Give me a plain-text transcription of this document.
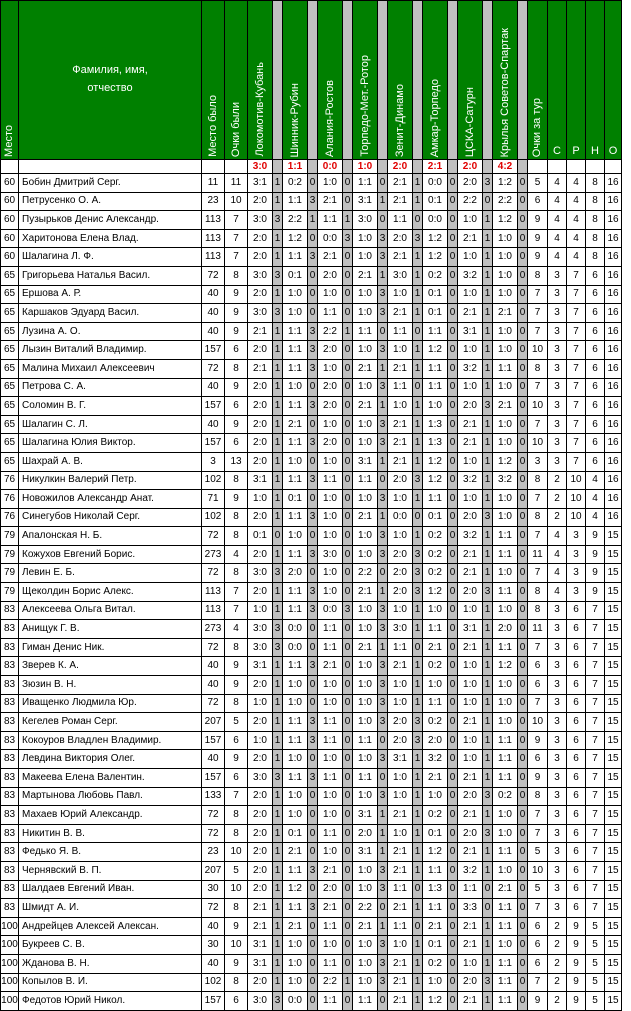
Место	Фамилия, имя, отчество	Место было	Очки были	Локомотив-Кубань		Шинник-Рубин		Алания-Ростов		Торпедо-Мет.-Ротор		Зенит-Динамо		Амкар-Торпедо		ЦСКА-Сатурн		Крылья Советов-Спартак		Очки за тур	С	Р	Н	О

				3:0		1:1		0:0		1:0		2:0		2:1		2:0		4:2						
60	Бобин Дмитрий Серг.	11	11	3:1	1	0:2	0	1:0	0	1:1	0	2:1	1	0:0	0	2:0	3	1:2	0	5	4	4	8	16
60	Петрусенко О. А.	23	10	2:0	1	1:1	3	2:1	0	3:1	1	2:1	1	0:1	0	2:2	0	2:2	0	6	4	4	8	16
60	Пузырьков Денис Александр.	113	7	3:0	3	2:2	1	1:1	1	3:0	0	1:1	0	0:0	0	1:0	1	1:2	0	9	4	4	8	16
60	Харитонова Елена Влад.	113	7	2:0	1	1:2	0	0:0	3	1:0	3	2:0	3	1:2	0	2:1	1	1:0	0	9	4	4	8	16
60	Шалагина Л. Ф.	113	7	2:0	1	1:1	3	2:1	0	1:0	3	2:1	1	1:2	0	1:0	1	1:0	0	9	4	4	8	16
65	Григорьева Наталья Васил.	72	8	3:0	3	0:1	0	2:0	0	2:1	1	3:0	1	0:2	0	3:2	1	1:0	0	8	3	7	6	16
65	Ершова А. Р.	40	9	2:0	1	1:0	0	1:0	0	1:0	3	1:0	1	0:1	0	1:0	1	1:0	0	7	3	7	6	16
65	Каршаков Эдуард Васил.	40	9	3:0	3	1:0	0	1:1	0	1:0	3	2:1	1	0:1	0	2:1	1	2:1	0	7	3	7	6	16
65	Лузина А. О.	40	9	2:1	1	1:1	3	2:2	1	1:1	0	1:1	0	1:1	0	3:1	1	1:0	0	7	3	7	6	16
65	Лызин Виталий Владимир.	157	6	2:0	1	1:1	3	2:0	0	1:0	3	1:0	1	1:2	0	1:0	1	1:0	0	10	3	7	6	16
65	Малина Михаил Алексеевич	72	8	2:1	1	1:1	3	1:0	0	2:1	1	2:1	1	1:1	0	3:2	1	1:1	0	8	3	7	6	16
65	Петрова С. А.	40	9	2:0	1	1:0	0	2:0	0	1:0	3	1:1	0	1:1	0	1:0	1	1:0	0	7	3	7	6	16
65	Соломин В. Г.	157	6	2:0	1	1:1	3	2:0	0	2:1	1	1:0	1	1:0	0	2:0	3	2:1	0	10	3	7	6	16
65	Шалагин С. Л.	40	9	2:0	1	2:1	0	1:0	0	1:0	3	2:1	1	1:3	0	2:1	1	1:0	0	7	3	7	6	16
65	Шалагина Юлия Виктор.	157	6	2:0	1	1:1	3	2:0	0	1:0	3	2:1	1	1:3	0	2:1	1	1:0	0	10	3	7	6	16
65	Шахрай А. В.	3	13	2:0	1	1:0	0	1:0	0	3:1	1	2:1	1	1:2	0	1:0	1	1:2	0	3	3	7	6	16
76	Никулкин Валерий Петр.	102	8	3:1	1	1:1	3	1:1	0	1:1	0	2:0	3	1:2	0	3:2	1	3:2	0	8	2	10	4	16
76	Новожилов Александр Анат.	71	9	1:0	1	0:1	0	1:0	0	1:0	3	1:0	1	1:1	0	1:0	1	1:0	0	7	2	10	4	16
76	Синегубов Николай Серг.	102	8	2:0	1	1:1	3	1:0	0	2:1	1	0:0	0	0:1	0	2:0	3	1:0	0	8	2	10	4	16
79	Апалонская Н. Б.	72	8	0:1	0	1:0	0	1:0	0	1:0	3	1:0	1	0:2	0	3:2	1	1:1	0	7	4	3	9	15
79	Кожухов Евгений Борис.	273	4	2:0	1	1:1	3	3:0	0	1:0	3	2:0	3	0:2	0	2:1	1	1:1	0	11	4	3	9	15
79	Левин Е. Б.	72	8	3:0	3	2:0	0	1:0	0	2:2	0	2:0	3	0:2	0	2:1	1	1:0	0	7	4	3	9	15
79	Щеколдин Борис Алекс.	113	7	2:0	1	1:1	3	1:0	0	2:1	1	2:0	3	1:2	0	2:0	3	1:1	0	8	4	3	9	15
83	Алексеева Ольга Витал.	113	7	1:0	1	1:1	3	0:0	3	1:0	3	1:0	1	1:0	0	1:0	1	1:0	0	8	3	6	7	15
83	Анищук Г. В.	273	4	3:0	3	0:0	0	1:1	0	1:0	3	3:0	1	1:1	0	3:1	1	2:0	0	11	3	6	7	15
83	Гиман Денис Ник.	72	8	3:0	3	0:0	0	1:1	0	2:1	1	1:1	0	2:1	0	2:1	1	1:1	0	7	3	6	7	15
83	Зверев К. А.	40	9	3:1	1	1:1	3	2:1	0	1:0	3	2:1	1	0:2	0	1:0	1	1:2	0	6	3	6	7	15
83	Зюзин В. Н.	40	9	2:0	1	1:0	0	1:0	0	1:0	3	1:0	1	1:0	0	1:0	1	1:0	0	6	3	6	7	15
83	Иващенко Людмила Юр.	72	8	1:0	1	1:0	0	1:0	0	1:0	3	1:0	1	1:1	0	1:0	1	1:0	0	7	3	6	7	15
83	Кегелев Роман Серг.	207	5	2:0	1	1:1	3	1:1	0	1:0	3	2:0	3	0:2	0	2:1	1	1:0	0	10	3	6	7	15
83	Кокоуров Владлен Владимир.	157	6	1:0	1	1:1	3	1:1	0	1:1	0	2:0	3	2:0	0	1:0	1	1:1	0	9	3	6	7	15
83	Левдина Виктория Олег.	40	9	2:0	1	1:0	0	1:0	0	1:0	3	3:1	1	3:2	0	1:0	1	1:1	0	6	3	6	7	15
83	Макеева Елена Валентин.	157	6	3:0	3	1:1	3	1:1	0	1:1	0	1:0	1	2:1	0	2:1	1	1:1	0	9	3	6	7	15
83	Мартынова Любовь Павл.	133	7	2:0	1	1:0	0	1:0	0	1:0	3	1:0	1	1:0	0	2:0	3	0:2	0	8	3	6	7	15
83	Махаев Юрий Александр.	72	8	2:0	1	1:0	0	1:0	0	3:1	1	2:1	1	0:2	0	2:1	1	1:0	0	7	3	6	7	15
83	Никитин В. В.	72	8	2:0	1	0:1	0	1:1	0	2:0	1	1:0	1	0:1	0	2:0	3	1:0	0	7	3	6	7	15
83	Федько Я. В.	23	10	2:0	1	2:1	0	1:0	0	3:1	1	2:1	1	1:2	0	2:1	1	1:1	0	5	3	6	7	15
83	Чернявский В. П.	207	5	2:0	1	1:1	3	2:1	0	1:0	3	2:1	1	1:1	0	3:2	1	1:0	0	10	3	6	7	15
83	Шалдаев Евгений Иван.	30	10	2:0	1	1:2	0	2:0	0	1:0	3	1:1	0	1:3	0	1:1	0	2:1	0	5	3	6	7	15
83	Шмидт А. И.	72	8	2:1	1	1:1	3	2:1	0	2:2	0	2:1	1	1:1	0	3:3	0	1:1	0	7	3	6	7	15
100	Андрейцев Алексей Алексан.	40	9	2:1	1	2:1	0	1:1	0	2:1	1	1:1	0	2:1	0	2:1	1	1:1	0	6	2	9	5	15
100	Букреев С. В.	30	10	3:1	1	1:0	0	1:0	0	1:0	3	1:0	1	0:1	0	2:1	1	1:0	0	6	2	9	5	15
100	Жданова В. Н.	40	9	3:1	1	1:0	0	1:1	0	1:0	3	2:1	1	0:2	0	1:0	1	1:1	0	6	2	9	5	15
100	Копылов В. И.	102	8	2:0	1	1:0	0	2:2	1	1:0	3	2:1	1	1:0	0	2:0	3	1:1	0	7	2	9	5	15
100	Федотов Юрий Никол.	157	6	3:0	3	0:0	0	1:1	0	1:1	0	2:1	1	1:2	0	2:1	1	1:1	0	9	2	9	5	15
